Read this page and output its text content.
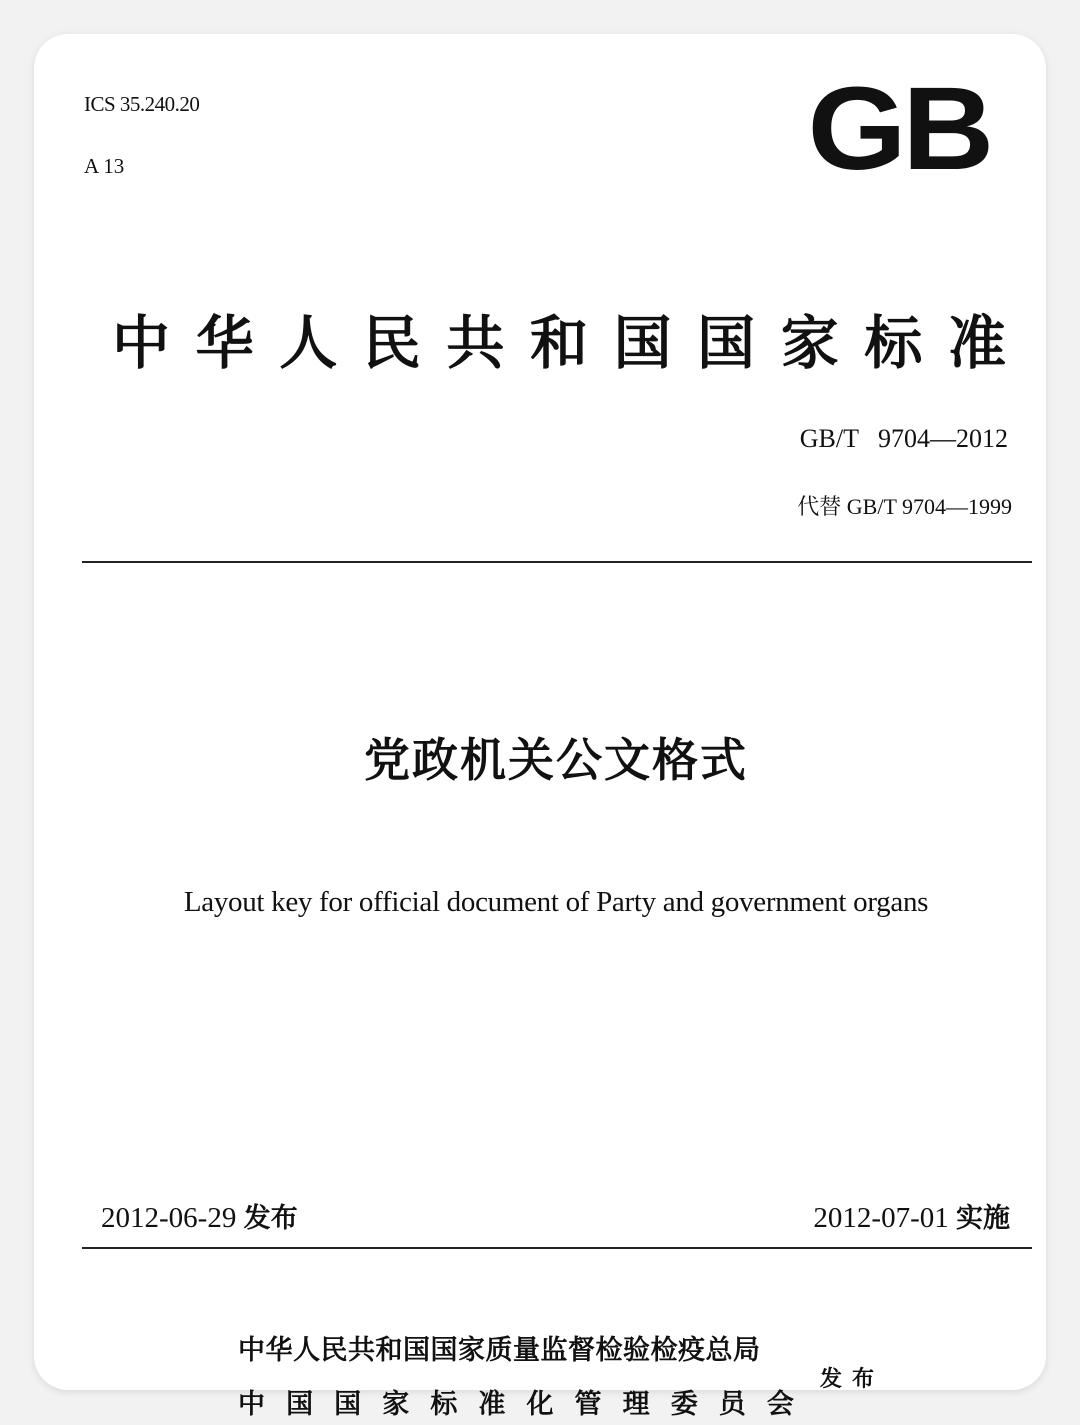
ICS 35.240.20
A 13	GB
中 华 人 民 共 和 国 国 家 标 准
GB/T   9704—2012
代替 GB/T 9704—1999
党政机关公文格式
Layout key for official document of Party and government organs
2012-06-29 发布	2012-07-01 实施
中华人民共和国国家质量监督检验检疫总局
中 国 国 家 标 准 化 管 理 委 员 会
发布
